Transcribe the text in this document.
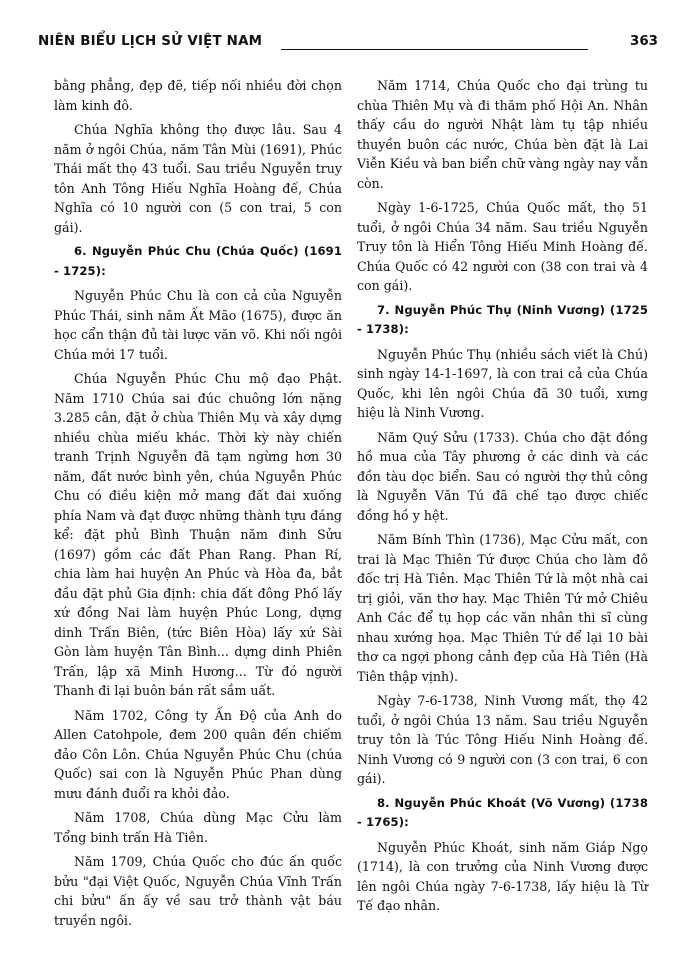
NIÊN BIỂU LỊCH SỬ VIỆT NAM	363

bằng phẳng, đẹp đẽ, tiếp nối nhiều đời chọn làm kinh đô.

Chúa Nghĩa không thọ được lâu. Sau 4 năm ở ngôi Chúa, năm Tân Mùi (1691), Phúc Thái mất thọ 43 tuổi. Sau triều Nguyễn truy tôn Anh Tông Hiếu Nghĩa Hoàng đế, Chúa Nghĩa có 10 người con (5 con trai, 5 con gái).

6. Nguyễn Phúc Chu (Chúa Quốc) (1691 - 1725):

Nguyễn Phúc Chu là con cả của Nguyễn Phúc Thái, sinh năm Ất Mão (1675), được ăn học cẩn thận đủ tài lược văn võ. Khi nối ngôi Chúa mới 17 tuổi.

Chúa Nguyễn Phúc Chu mộ đạo Phật. Năm 1710 Chúa sai đúc chuông lớn nặng 3.285 cân, đặt ở chùa Thiên Mụ và xây dựng nhiều chùa miếu khác. Thời kỳ này chiến tranh Trịnh Nguyễn đã tạm ngừng hơn 30 năm, đất nước bình yên, chúa Nguyễn Phúc Chu có điều kiện mở mang đất đai xuống phía Nam và đạt được những thành tựu đáng kể: đặt phủ Bình Thuận năm đinh Sửu (1697) gồm các đất Phan Rang. Phan Rí, chia làm hai huyện An Phúc và Hòa đa, bắt đầu đặt phủ Gia định: chia đất đông Phố lấy xứ đồng Nai làm huyện Phúc Long, dựng dinh Trấn Biên, (tức Biên Hòa) lấy xứ Sài Gòn làm huyện Tân Bình... dựng dinh Phiên Trấn, lập xã Minh Hương... Từ đó người Thanh đi lại buôn bán rất sầm uất.

Năm 1702, Công ty Ấn Độ của Anh do Allen Catohpole, đem 200 quân đến chiếm đảo Côn Lôn. Chúa Nguyễn Phúc Chu (chúa Quốc) sai con là Nguyễn Phúc Phan dùng mưu đánh đuổi ra khỏi đảo.

Năm 1708, Chúa dùng Mạc Cửu làm Tổng binh trấn Hà Tiên.

Năm 1709, Chúa Quốc cho đúc ấn quốc bửu "đại Việt Quốc, Nguyễn Chúa Vĩnh Trấn chi bửu" ấn ấy về sau trở thành vật báu truyền ngôi.

Năm 1714, Chúa Quốc cho đại trùng tu chùa Thiên Mụ và đi thăm phố Hội An. Nhân thấy cầu do người Nhật làm tụ tập nhiều thuyền buôn các nước, Chúa bèn đặt là Lai Viễn Kiều và ban biển chữ vàng ngày nay vẫn còn.

Ngày 1-6-1725, Chúa Quốc mất, thọ 51 tuổi, ở ngôi Chúa 34 năm. Sau triều Nguyễn Truy tôn là Hiển Tông Hiếu Minh Hoàng đế. Chúa Quốc có 42 người con (38 con trai và 4 con gái).

7. Nguyễn Phúc Thụ (Ninh Vương) (1725 - 1738):

Nguyễn Phúc Thụ (nhiều sách viết là Chú) sinh ngày 14-1-1697, là con trai cả của Chúa Quốc, khi lên ngôi Chúa đã 30 tuổi, xưng hiệu là Ninh Vương.

Năm Quý Sửu (1733). Chúa cho đặt đồng hồ mua của Tây phương ở các dinh và các đồn tàu dọc biển. Sau có người thợ thủ công là Nguyễn Văn Tú đã chế tạo được chiếc đồng hồ y hệt.

Năm Bính Thìn (1736), Mạc Cửu mất, con trai là Mạc Thiên Tứ được Chúa cho làm đô đốc trị Hà Tiên. Mạc Thiên Tứ là một nhà cai trị giỏi, văn thơ hay. Mạc Thiên Tứ mở Chiêu Anh Các để tụ họp các văn nhân thi sĩ cùng nhau xướng họa. Mạc Thiên Tứ để lại 10 bài thơ ca ngợi phong cảnh đẹp của Hà Tiên (Hà Tiên thập vịnh).

Ngày 7-6-1738, Ninh Vương mất, thọ 42 tuổi, ở ngôi Chúa 13 năm. Sau triều Nguyễn truy tôn là Túc Tông Hiếu Ninh Hoàng đế. Ninh Vương có 9 người con (3 con trai, 6 con gái).

8. Nguyễn Phúc Khoát (Võ Vương) (1738 - 1765):

Nguyễn Phúc Khoát, sinh năm Giáp Ngọ (1714), là con trưởng của Ninh Vương được lên ngôi Chúa ngày 7-6-1738, lấy hiệu là Từ Tế đạo nhân.
